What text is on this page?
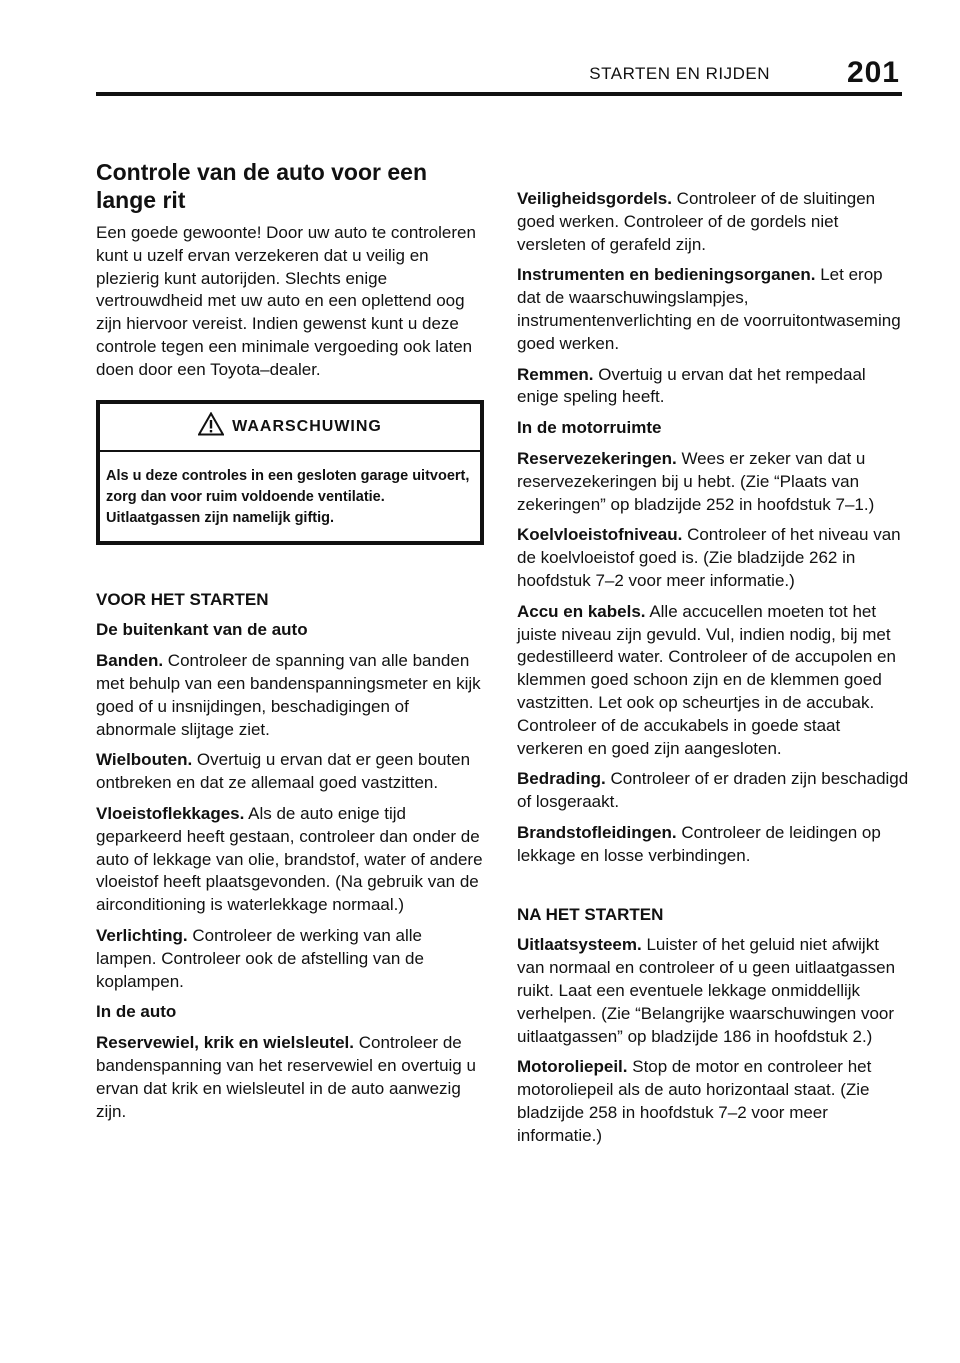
STARTEN EN RIJDEN	201
Controle van de auto voor een lange rit

Een goede gewoonte! Door uw auto te controleren kunt u uzelf ervan verzekeren dat u veilig en plezierig kunt autorijden. Slechts enige vertrouwdheid met uw auto en een oplettend oog zijn hiervoor vereist. Indien gewenst kunt u deze controle tegen een minimale vergoeding ook laten doen door een Toyota–dealer.

WAARSCHUWING
Als u deze controles in een gesloten garage uitvoert, zorg dan voor ruim voldoende ventilatie. Uitlaatgassen zijn namelijk giftig.

VOOR HET STARTEN

De buitenkant van de auto

Banden. Controleer de spanning van alle banden met behulp van een bandenspanningsmeter en kijk goed of u insnijdingen, beschadigingen of abnormale slijtage ziet.

Wielbouten. Overtuig u ervan dat er geen bouten ontbreken en dat ze allemaal goed vastzitten.

Vloeistoflekkages. Als de auto enige tijd geparkeerd heeft gestaan, controleer dan onder de auto of lekkage van olie, brandstof, water of andere vloeistof heeft plaatsgevonden. (Na gebruik van de airconditioning is waterlekkage normaal.)

Verlichting. Controleer de werking van alle lampen. Controleer ook de afstelling van de koplampen.

In de auto

Reservewiel, krik en wielsleutel. Controleer de bandenspanning van het reservewiel en overtuig u ervan dat krik en wielsleutel in de auto aanwezig zijn.

Veiligheidsgordels. Controleer of de sluitingen goed werken. Controleer of de gordels niet versleten of gerafeld zijn.

Instrumenten en bedieningsorganen. Let erop dat de waarschuwingslampjes, instrumentenverlichting en de voorruitontwaseming goed werken.

Remmen. Overtuig u ervan dat het rempedaal enige speling heeft.

In de motorruimte

Reservezekeringen. Wees er zeker van dat u reservezekeringen bij u hebt. (Zie “Plaats van zekeringen” op bladzijde 252 in hoofdstuk 7–1.)

Koelvloeistofniveau. Controleer of het niveau van de koelvloeistof goed is. (Zie bladzijde 262 in hoofdstuk 7–2 voor meer informatie.)

Accu en kabels. Alle accucellen moeten tot het juiste niveau zijn gevuld. Vul, indien nodig, bij met gedestilleerd water. Controleer of de accupolen en klemmen goed schoon zijn en de klemmen goed vastzitten. Let ook op scheurtjes in de accubak. Controleer of de accukabels in goede staat verkeren en goed zijn aangesloten.

Bedrading. Controleer of er draden zijn beschadigd of losgeraakt.

Brandstofleidingen. Controleer de leidingen op lekkage en losse verbindingen.

NA HET STARTEN

Uitlaatsysteem. Luister of het geluid niet afwijkt van normaal en controleer of u geen uitlaatgassen ruikt. Laat een eventuele lekkage onmiddellijk verhelpen. (Zie “Belangrijke waarschuwingen voor uitlaatgassen” op bladzijde 186 in hoofdstuk 2.)

Motoroliepeil. Stop de motor en controleer het motoroliepeil als de auto horizontaal staat. (Zie bladzijde 258 in hoofdstuk 7–2 voor meer informatie.)
